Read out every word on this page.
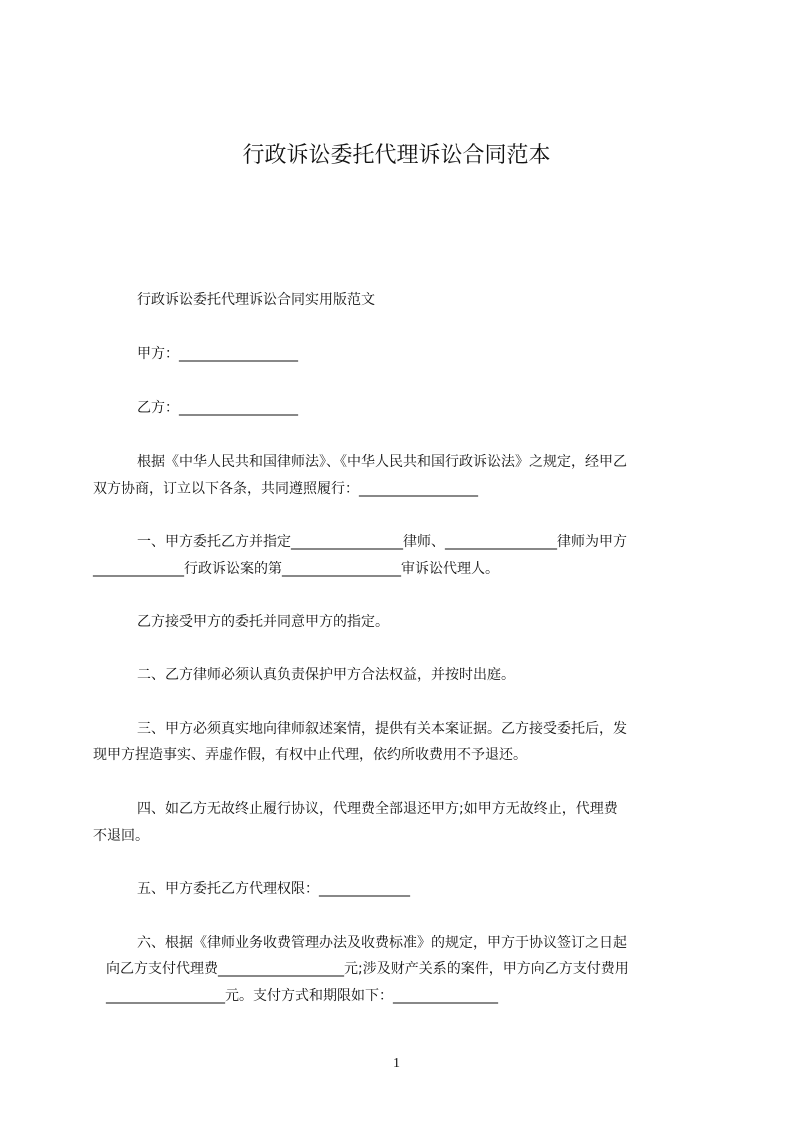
行政诉讼委托代理诉讼合同范本
行政诉讼委托代理诉讼合同实用版范文
甲方：_________________
乙方：_________________
根据《中华人民共和国律师法》、《中华人民共和国行政诉讼法》之规定，经甲乙
双方协商，订立以下各条，共同遵照履行：_________________
一、甲方委托乙方并指定________________律师、________________律师为甲方
_____________行政诉讼案的第_________________审诉讼代理人。
乙方接受甲方的委托并同意甲方的指定。
二、乙方律师必须认真负责保护甲方合法权益，并按时出庭。
三、甲方必须真实地向律师叙述案情，提供有关本案证据。乙方接受委托后，发
现甲方捏造事实、弄虚作假，有权中止代理，依约所收费用不予退还。
四、如乙方无故终止履行协议，代理费全部退还甲方;如甲方无故终止，代理费
不退回。
五、甲方委托乙方代理权限：_____________
六、根据《律师业务收费管理办法及收费标准》的规定，甲方于协议签订之日起
向乙方支付代理费__________________元;涉及财产关系的案件，甲方向乙方支付费用
_________________元。支付方式和期限如下：_______________
1
